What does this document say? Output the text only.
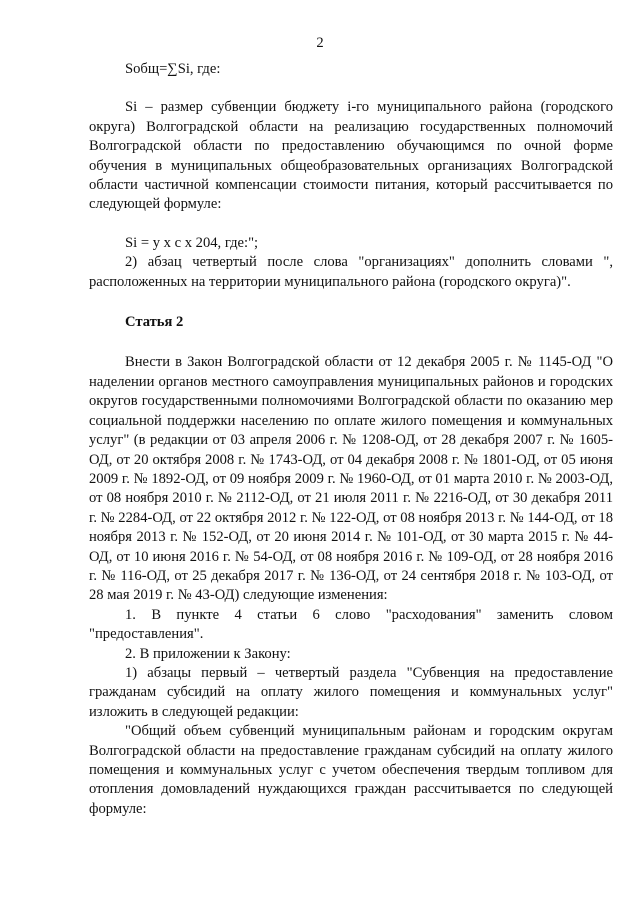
2

Sобщ=∑Si, где:

Si – размер субвенции бюджету i-го муниципального района (городского округа) Волгоградской области на реализацию государственных полномочий Волгоградской области по предоставлению обучающимся по очной форме обучения в муниципальных общеобразовательных организациях Волгоградской области частичной компенсации стоимости питания, который рассчитывается по следующей формуле:

Si = у х с х 204, где:";

2) абзац четвертый после слова "организациях" дополнить словами ", расположенных на территории муниципального района (городского округа)".

Статья 2

Внести в Закон Волгоградской области от 12 декабря 2005 г. № 1145-ОД "О наделении органов местного самоуправления муниципальных районов и городских округов государственными полномочиями Волгоградской области по оказанию мер социальной поддержки населению по оплате жилого помещения и коммунальных услуг" (в редакции от 03 апреля 2006 г. № 1208-ОД, от 28 декабря 2007 г. № 1605-ОД, от 20 октября 2008 г. № 1743-ОД, от 04 декабря 2008 г. № 1801-ОД, от 05 июня 2009 г. № 1892-ОД, от 09 ноября 2009 г. № 1960-ОД, от 01 марта 2010 г. № 2003-ОД, от 08 ноября 2010 г. № 2112-ОД, от 21 июля 2011 г. № 2216-ОД, от 30 декабря 2011 г. № 2284-ОД, от 22 октября 2012 г. № 122-ОД, от 08 ноября 2013 г. № 144-ОД, от 18 ноября 2013 г. № 152-ОД, от 20 июня 2014 г. № 101-ОД, от 30 марта 2015 г. № 44-ОД, от 10 июня 2016 г. № 54-ОД, от 08 ноября 2016 г. № 109-ОД, от 28 ноября 2016 г. № 116-ОД, от 25 декабря 2017 г. № 136-ОД, от 24 сентября 2018 г. № 103-ОД, от 28 мая 2019 г. № 43-ОД) следующие изменения:

1. В пункте 4 статьи 6 слово "расходования" заменить словом "предоставления".

2. В приложении к Закону:

1) абзацы первый – четвертый раздела "Субвенция на предоставление гражданам субсидий на оплату жилого помещения и коммунальных услуг" изложить в следующей редакции:

"Общий объем субвенций муниципальным районам и городским округам Волгоградской области на предоставление гражданам субсидий на оплату жилого помещения и коммунальных услуг с учетом обеспечения твердым топливом для отопления домовладений нуждающихся граждан рассчитывается по следующей формуле:
